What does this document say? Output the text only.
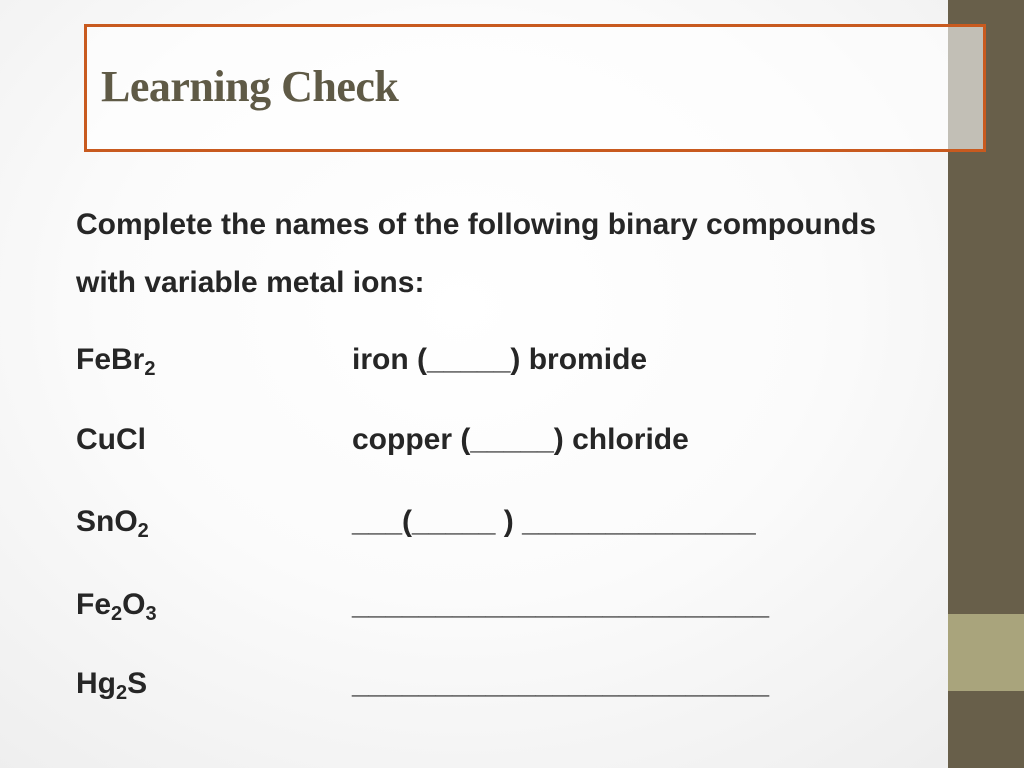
Learning Check
Complete the names of the following binary compounds with variable metal ions:
FeBr$_2$	iron (_____) bromide
CuCl	copper (_____) chloride
SnO$_2$	___(_____ ) ______________
$Fe_2O_3$	_________________________
$Hg_2S$	_________________________
